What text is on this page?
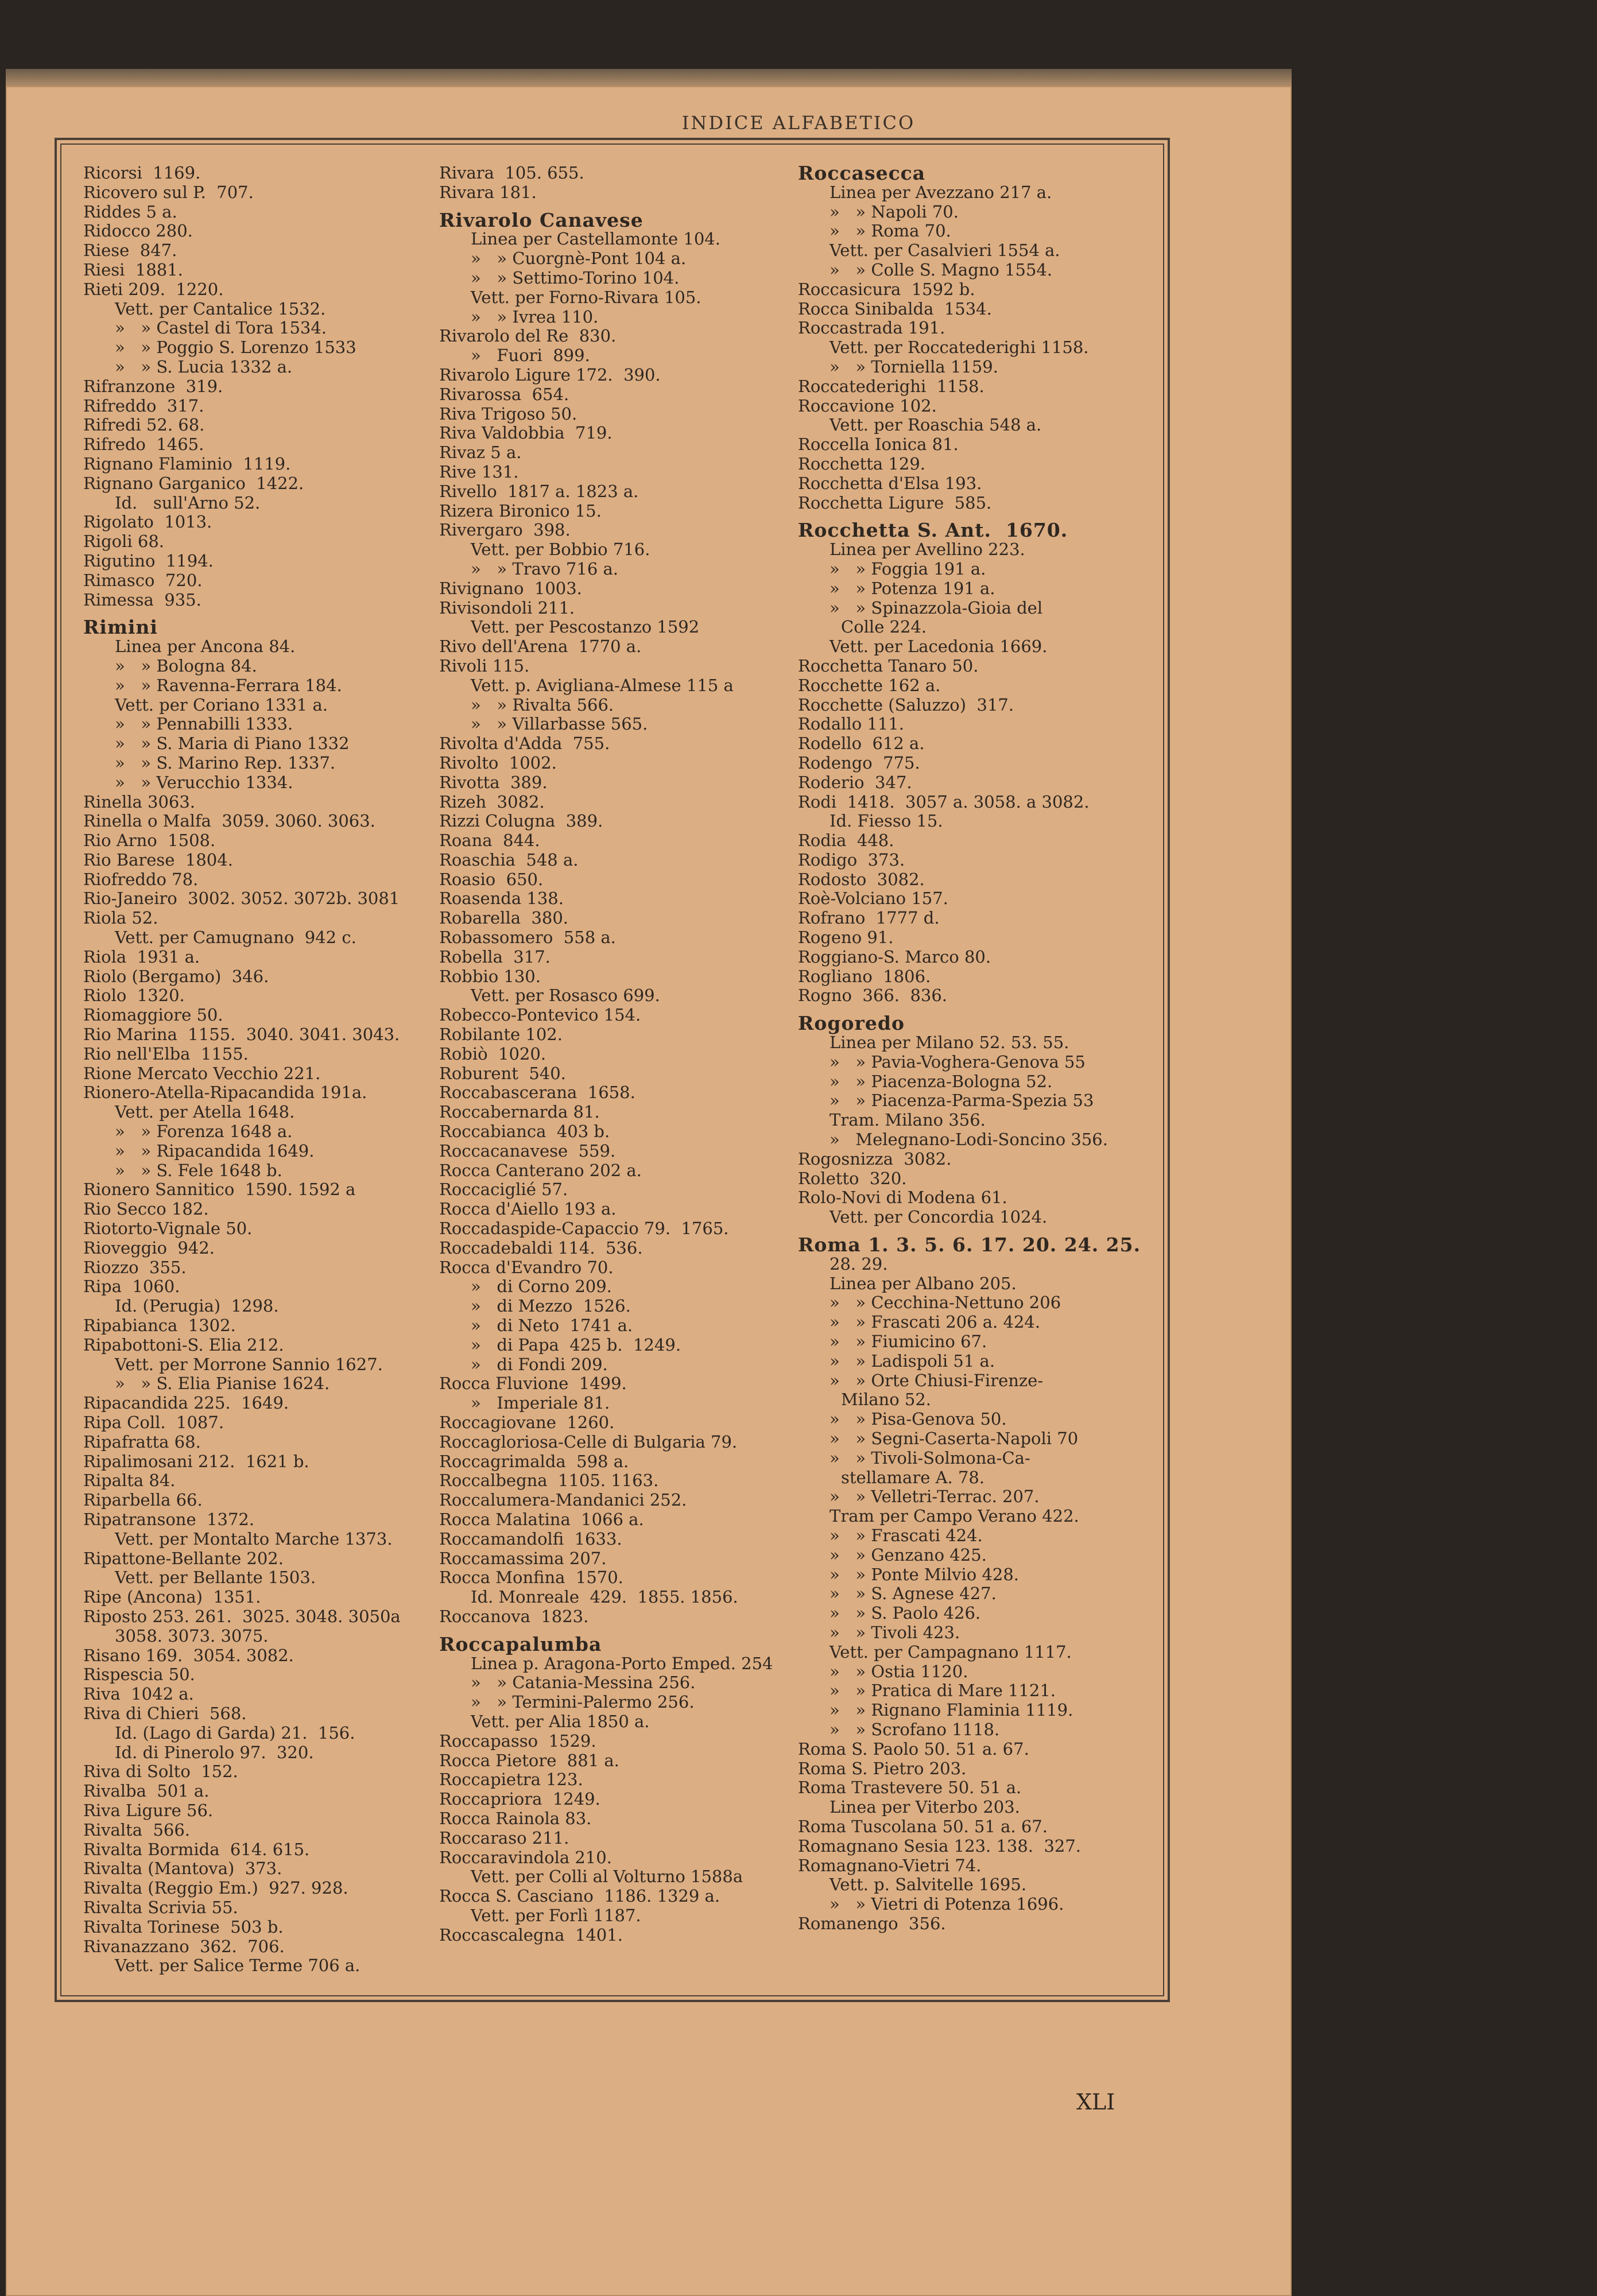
INDICE ALFABETICO
Ricorsi  1169.
Ricovero sul P.  707.
Riddes 5 a.
Ridocco 280.
Riese  847.
Riesi  1881.
Rieti 209.  1220.
Vett. per Cantalice 1532.
»   » Castel di Tora 1534.
»   » Poggio S. Lorenzo 1533
»   » S. Lucia 1332 a.
Rifranzone  319.
Rifreddo  317.
Rifredi 52. 68.
Rifredo  1465.
Rignano Flaminio  1119.
Rignano Garganico  1422.
Id.   sull'Arno 52.
Rigolato  1013.
Rigoli 68.
Rigutino  1194.
Rimasco  720.
Rimessa  935.
Rimini
Linea per Ancona 84.
»   » Bologna 84.
»   » Ravenna-Ferrara 184.
Vett. per Coriano 1331 a.
»   » Pennabilli 1333.
»   » S. Maria di Piano 1332
»   » S. Marino Rep. 1337.
»   » Verucchio 1334.
Rinella 3063.
Rinella o Malfa  3059. 3060. 3063.
Rio Arno  1508.
Rio Barese  1804.
Riofreddo 78.
Rio-Janeiro  3002. 3052. 3072b. 3081
Riola 52.
Vett. per Camugnano  942 c.
Riola  1931 a.
Riolo (Bergamo)  346.
Riolo  1320.
Riomaggiore 50.
Rio Marina  1155.  3040. 3041. 3043.
Rio nell'Elba  1155.
Rione Mercato Vecchio 221.
Rionero-Atella-Ripacandida 191a.
Vett. per Atella 1648.
»   » Forenza 1648 a.
»   » Ripacandida 1649.
»   » S. Fele 1648 b.
Rionero Sannitico  1590. 1592 a
Rio Secco 182.
Riotorto-Vignale 50.
Rioveggio  942.
Riozzo  355.
Ripa  1060.
Id. (Perugia)  1298.
Ripabianca  1302.
Ripabottoni-S. Elia 212.
Vett. per Morrone Sannio 1627.
»   » S. Elia Pianise 1624.
Ripacandida 225.  1649.
Ripa Coll.  1087.
Ripafratta 68.
Ripalimosani 212.  1621 b.
Ripalta 84.
Riparbella 66.
Ripatransone  1372.
Vett. per Montalto Marche 1373.
Ripattone-Bellante 202.
Vett. per Bellante 1503.
Ripe (Ancona)  1351.
Riposto 253. 261.  3025. 3048. 3050a
3058. 3073. 3075.
Risano 169.  3054. 3082.
Rispescia 50.
Riva  1042 a.
Riva di Chieri  568.
Id. (Lago di Garda) 21.  156.
Id. di Pinerolo 97.  320.
Riva di Solto  152.
Rivalba  501 a.
Riva Ligure 56.
Rivalta  566.
Rivalta Bormida  614. 615.
Rivalta (Mantova)  373.
Rivalta (Reggio Em.)  927. 928.
Rivalta Scrivia 55.
Rivalta Torinese  503 b.
Rivanazzano  362.  706.
Vett. per Salice Terme 706 a.
Rivara  105. 655.
Rivara 181.
Rivarolo Canavese
Linea per Castellamonte 104.
»   » Cuorgnè-Pont 104 a.
»   » Settimo-Torino 104.
Vett. per Forno-Rivara 105.
»   » Ivrea 110.
Rivarolo del Re  830.
»   Fuori  899.
Rivarolo Ligure 172.  390.
Rivarossa  654.
Riva Trigoso 50.
Riva Valdobbia  719.
Rivaz 5 a.
Rive 131.
Rivello  1817 a. 1823 a.
Rizera Bironico 15.
Rivergaro  398.
Vett. per Bobbio 716.
»   » Travo 716 a.
Rivignano  1003.
Rivisondoli 211.
Vett. per Pescostanzo 1592
Rivo dell'Arena  1770 a.
Rivoli 115.
Vett. p. Avigliana-Almese 115 a
»   » Rivalta 566.
»   » Villarbasse 565.
Rivolta d'Adda  755.
Rivolto  1002.
Rivotta  389.
Rizeh  3082.
Rizzi Colugna  389.
Roana  844.
Roaschia  548 a.
Roasio  650.
Roasenda 138.
Robarella  380.
Robassomero  558 a.
Robella  317.
Robbio 130.
Vett. per Rosasco 699.
Robecco-Pontevico 154.
Robilante 102.
Robiò  1020.
Roburent  540.
Roccabascerana  1658.
Roccabernarda 81.
Roccabianca  403 b.
Roccacanavese  559.
Rocca Canterano 202 a.
Roccaciglié 57.
Rocca d'Aiello 193 a.
Roccadaspide-Capaccio 79.  1765.
Roccadebaldi 114.  536.
Rocca d'Evandro 70.
»   di Corno 209.
»   di Mezzo  1526.
»   di Neto  1741 a.
»   di Papa  425 b.  1249.
»   di Fondi 209.
Rocca Fluvione  1499.
»   Imperiale 81.
Roccagiovane  1260.
Roccagloriosa-Celle di Bulgaria 79.
Roccagrimalda  598 a.
Roccalbegna  1105. 1163.
Roccalumera-Mandanici 252.
Rocca Malatina  1066 a.
Roccamandolfi  1633.
Roccamassima 207.
Rocca Monfina  1570.
Id. Monreale  429.  1855. 1856.
Roccanova  1823.
Roccapalumba
Linea p. Aragona-Porto Emped. 254
»   » Catania-Messina 256.
»   » Termini-Palermo 256.
Vett. per Alia 1850 a.
Roccapasso  1529.
Rocca Pietore  881 a.
Roccapietra 123.
Roccapriora  1249.
Rocca Rainola 83.
Roccaraso 211.
Roccaravindola 210.
Vett. per Colli al Volturno 1588a
Rocca S. Casciano  1186. 1329 a.
Vett. per Forlì 1187.
Roccascalegna  1401.
Roccasecca
Linea per Avezzano 217 a.
»   » Napoli 70.
»   » Roma 70.
Vett. per Casalvieri 1554 a.
»   » Colle S. Magno 1554.
Roccasicura  1592 b.
Rocca Sinibalda  1534.
Roccastrada 191.
Vett. per Roccatederighi 1158.
»   » Torniella 1159.
Roccatederighi  1158.
Roccavione 102.
Vett. per Roaschia 548 a.
Roccella Ionica 81.
Rocchetta 129.
Rocchetta d'Elsa 193.
Rocchetta Ligure  585.
Rocchetta S. Ant.  1670.
Linea per Avellino 223.
»   » Foggia 191 a.
»   » Potenza 191 a.
»   » Spinazzola-Gioia del
Colle 224.
Vett. per Lacedonia 1669.
Rocchetta Tanaro 50.
Rocchette 162 a.
Rocchette (Saluzzo)  317.
Rodallo 111.
Rodello  612 a.
Rodengo  775.
Roderio  347.
Rodi  1418.  3057 a. 3058. a 3082.
Id. Fiesso 15.
Rodia  448.
Rodigo  373.
Rodosto  3082.
Roè-Volciano 157.
Rofrano  1777 d.
Rogeno 91.
Roggiano-S. Marco 80.
Rogliano  1806.
Rogno  366.  836.
Rogoredo
Linea per Milano 52. 53. 55.
»   » Pavia-Voghera-Genova 55
»   » Piacenza-Bologna 52.
»   » Piacenza-Parma-Spezia 53
Tram. Milano 356.
»   Melegnano-Lodi-Soncino 356.
Rogosnizza  3082.
Roletto  320.
Rolo-Novi di Modena 61.
Vett. per Concordia 1024.
Roma 1. 3. 5. 6. 17. 20. 24. 25.
28. 29.
Linea per Albano 205.
»   » Cecchina-Nettuno 206
»   » Frascati 206 a. 424.
»   » Fiumicino 67.
»   » Ladispoli 51 a.
»   » Orte Chiusi-Firenze-
Milano 52.
»   » Pisa-Genova 50.
»   » Segni-Caserta-Napoli 70
»   » Tivoli-Solmona-Ca-
stellamare A. 78.
»   » Velletri-Terrac. 207.
Tram per Campo Verano 422.
»   » Frascati 424.
»   » Genzano 425.
»   » Ponte Milvio 428.
»   » S. Agnese 427.
»   » S. Paolo 426.
»   » Tivoli 423.
Vett. per Campagnano 1117.
»   » Ostia 1120.
»   » Pratica di Mare 1121.
»   » Rignano Flaminia 1119.
»   » Scrofano 1118.
Roma S. Paolo 50. 51 a. 67.
Roma S. Pietro 203.
Roma Trastevere 50. 51 a.
Linea per Viterbo 203.
Roma Tuscolana 50. 51 a. 67.
Romagnano Sesia 123. 138.  327.
Romagnano-Vietri 74.
Vett. p. Salvitelle 1695.
»   » Vietri di Potenza 1696.
Romanengo  356.
XLI
